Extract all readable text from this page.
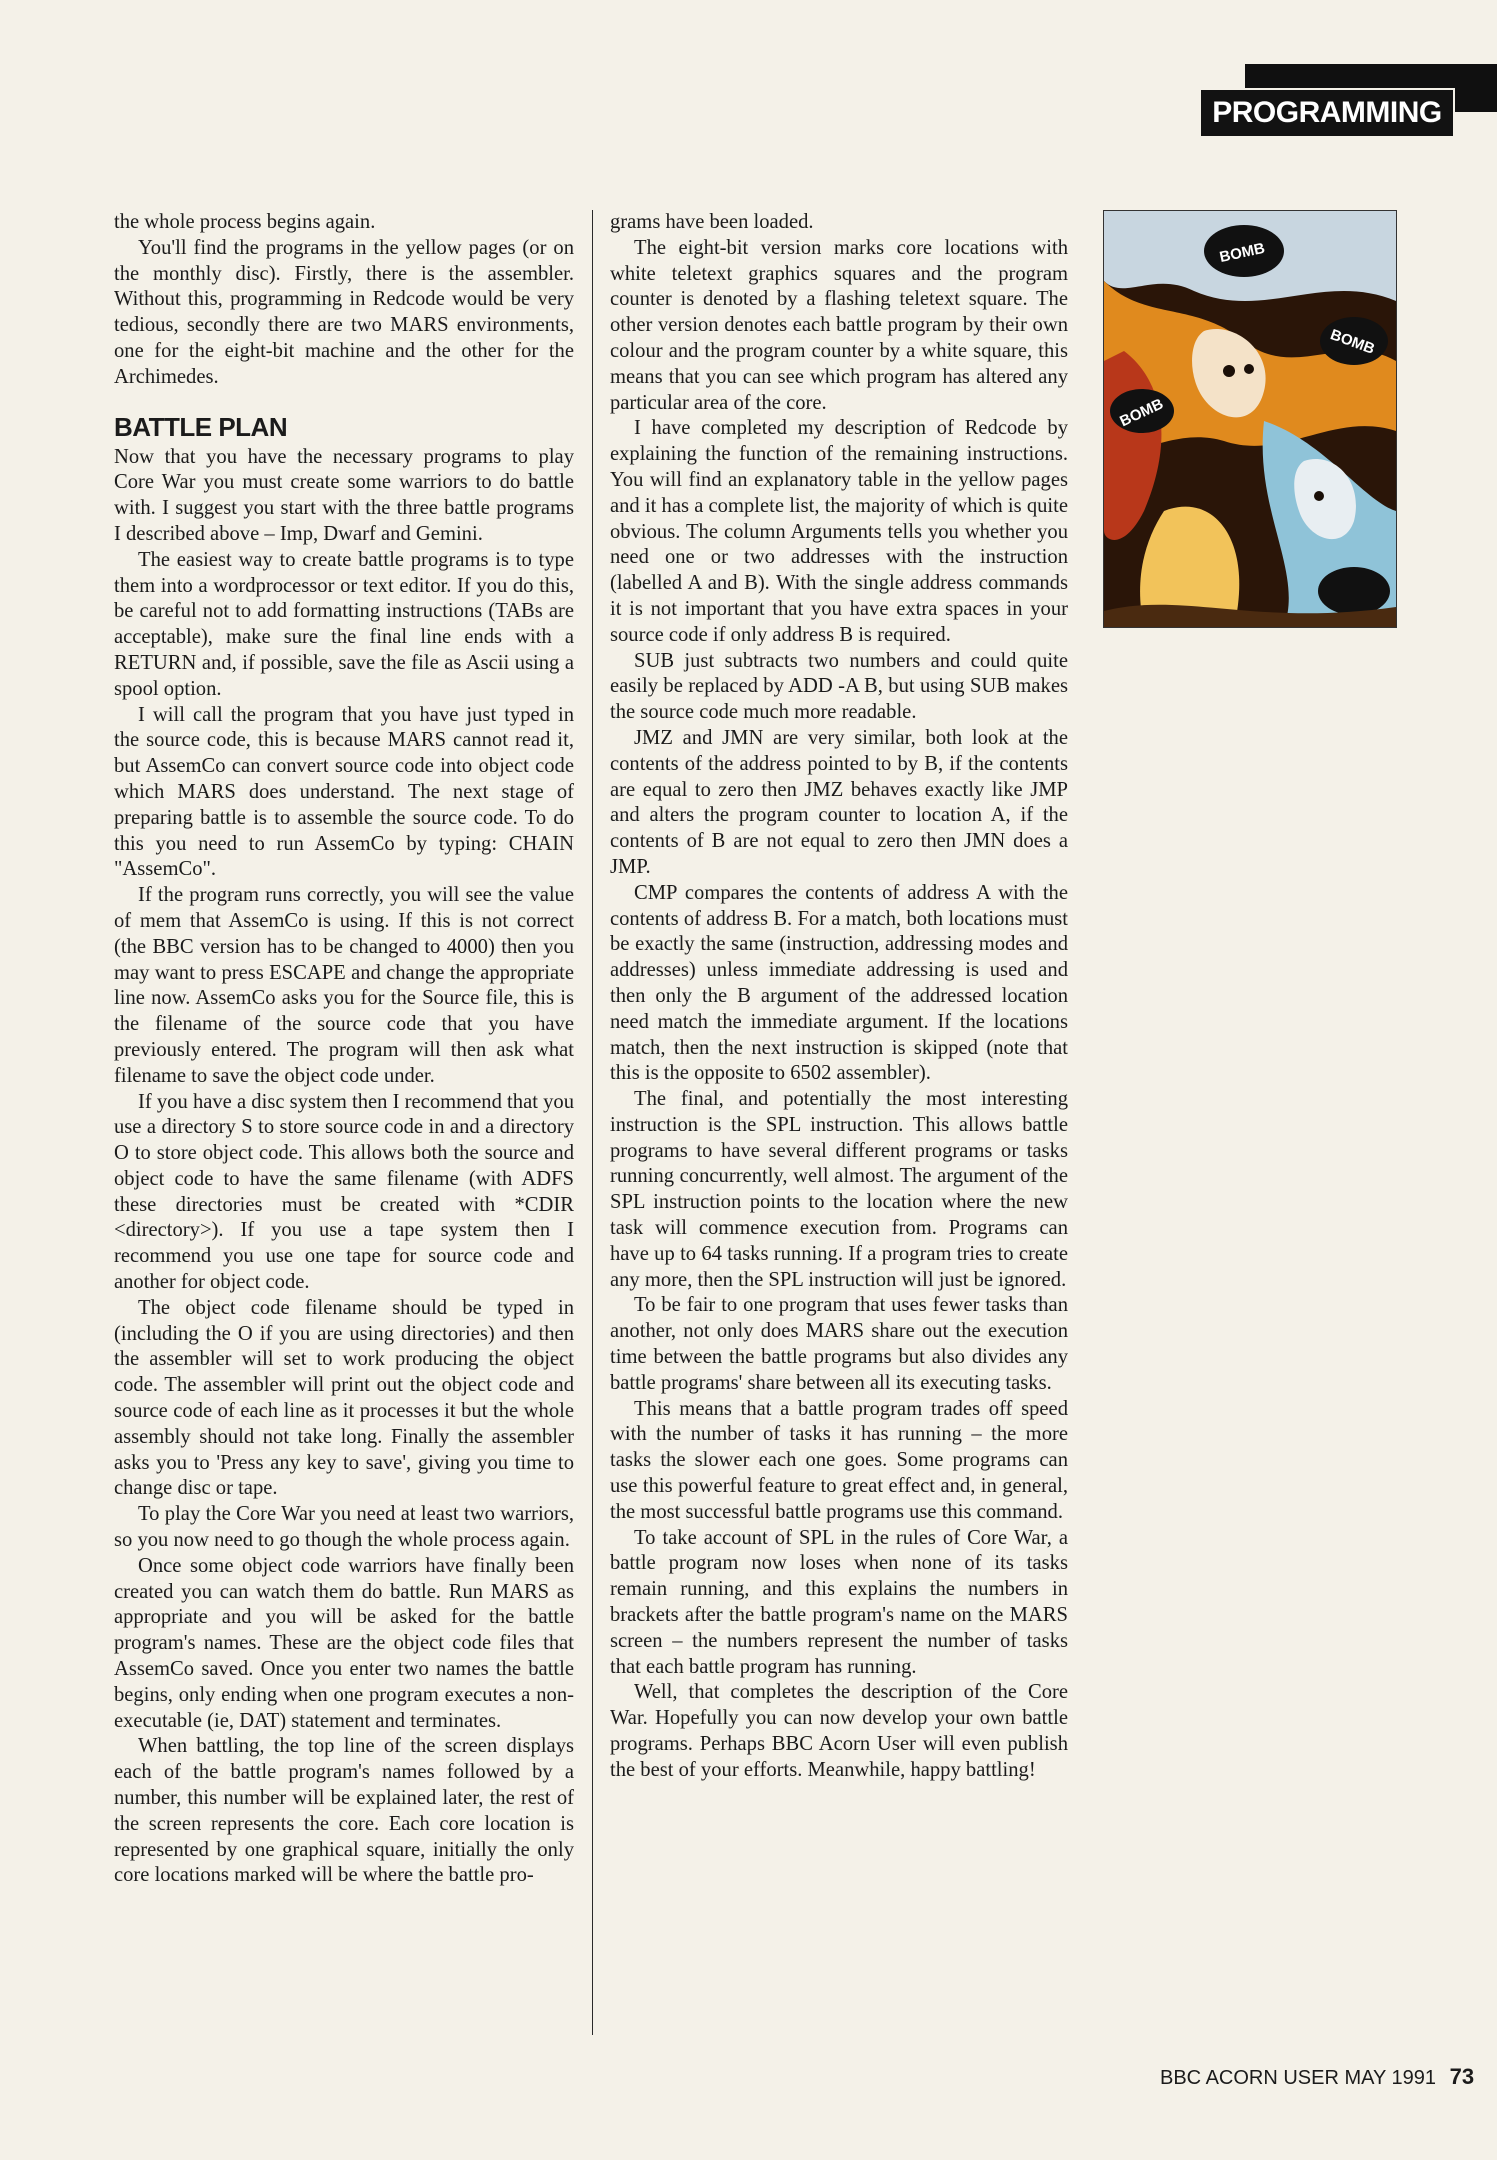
PROGRAMMING

the whole process begins again.

You'll find the programs in the yellow pages (or on the monthly disc). Firstly, there is the assembler. Without this, programming in Redcode would be very tedious, secondly there are two MARS environments, one for the eight-bit machine and the other for the Archimedes.

BATTLE PLAN

Now that you have the necessary programs to play Core War you must create some warriors to do battle with. I suggest you start with the three battle programs I described above – Imp, Dwarf and Gemini.

The easiest way to create battle programs is to type them into a wordprocessor or text editor. If you do this, be careful not to add formatting instructions (TABs are acceptable), make sure the final line ends with a RETURN and, if possible, save the file as Ascii using a spool option.

I will call the program that you have just typed in the source code, this is because MARS cannot read it, but AssemCo can convert source code into object code which MARS does understand. The next stage of preparing battle is to assemble the source code. To do this you need to run AssemCo by typing: CHAIN "AssemCo".

If the program runs correctly, you will see the value of mem that AssemCo is using. If this is not correct (the BBC version has to be changed to 4000) then you may want to press ESCAPE and change the appropriate line now. AssemCo asks you for the Source file, this is the filename of the source code that you have previously entered. The program will then ask what filename to save the object code under.

If you have a disc system then I recommend that you use a directory S to store source code in and a directory O to store object code. This allows both the source and object code to have the same filename (with ADFS these directories must be created with *CDIR <directory>). If you use a tape system then I recommend you use one tape for source code and another for object code.

The object code filename should be typed in (including the O if you are using directories) and then the assembler will set to work producing the object code. The assembler will print out the object code and source code of each line as it processes it but the whole assembly should not take long. Finally the assembler asks you to 'Press any key to save', giving you time to change disc or tape.

To play the Core War you need at least two warriors, so you now need to go though the whole process again.

Once some object code warriors have finally been created you can watch them do battle. Run MARS as appropriate and you will be asked for the battle program's names. These are the object code files that AssemCo saved. Once you enter two names the battle begins, only ending when one program executes a non-executable (ie, DAT) statement and terminates.

When battling, the top line of the screen displays each of the battle program's names followed by a number, this number will be explained later, the rest of the screen represents the core. Each core location is represented by one graphical square, initially the only core locations marked will be where the battle pro-

grams have been loaded.

The eight-bit version marks core locations with white teletext graphics squares and the program counter is denoted by a flashing teletext square. The other version denotes each battle program by their own colour and the program counter by a white square, this means that you can see which program has altered any particular area of the core.

I have completed my description of Redcode by explaining the function of the remaining instructions. You will find an explanatory table in the yellow pages and it has a complete list, the majority of which is quite obvious. The column Arguments tells you whether you need one or two addresses with the instruction (labelled A and B). With the single address commands it is not important that you have extra spaces in your source code if only address B is required.

SUB just subtracts two numbers and could quite easily be replaced by ADD -A B, but using SUB makes the source code much more readable.

JMZ and JMN are very similar, both look at the contents of the address pointed to by B, if the contents are equal to zero then JMZ behaves exactly like JMP and alters the program counter to location A, if the contents of B are not equal to zero then JMN does a JMP.

CMP compares the contents of address A with the contents of address B. For a match, both locations must be exactly the same (instruction, addressing modes and addresses) unless immediate addressing is used and then only the B argument of the addressed location need match the immediate argument. If the locations match, then the next instruction is skipped (note that this is the opposite to 6502 assembler).

The final, and potentially the most interesting instruction is the SPL instruction. This allows battle programs to have several different programs or tasks running concurrently, well almost. The argument of the SPL instruction points to the location where the new task will commence execution from. Programs can have up to 64 tasks running. If a program tries to create any more, then the SPL instruction will just be ignored.

To be fair to one program that uses fewer tasks than another, not only does MARS share out the execution time between the battle programs but also divides any battle programs' share between all its executing tasks.

This means that a battle program trades off speed with the number of tasks it has running – the more tasks the slower each one goes. Some programs can use this powerful feature to great effect and, in general, the most successful battle programs use this command.

To take account of SPL in the rules of Core War, a battle program now loses when none of its tasks remain running, and this explains the numbers in brackets after the battle program's name on the MARS screen – the numbers represent the number of tasks that each battle program has running.

Well, that completes the description of the Core War. Hopefully you can now develop your own battle programs. Perhaps BBC Acorn User will even publish the best of your efforts. Meanwhile, happy battling!

BOMB
BOMB
BOMB
BBC ACORN USER MAY 1991 73
